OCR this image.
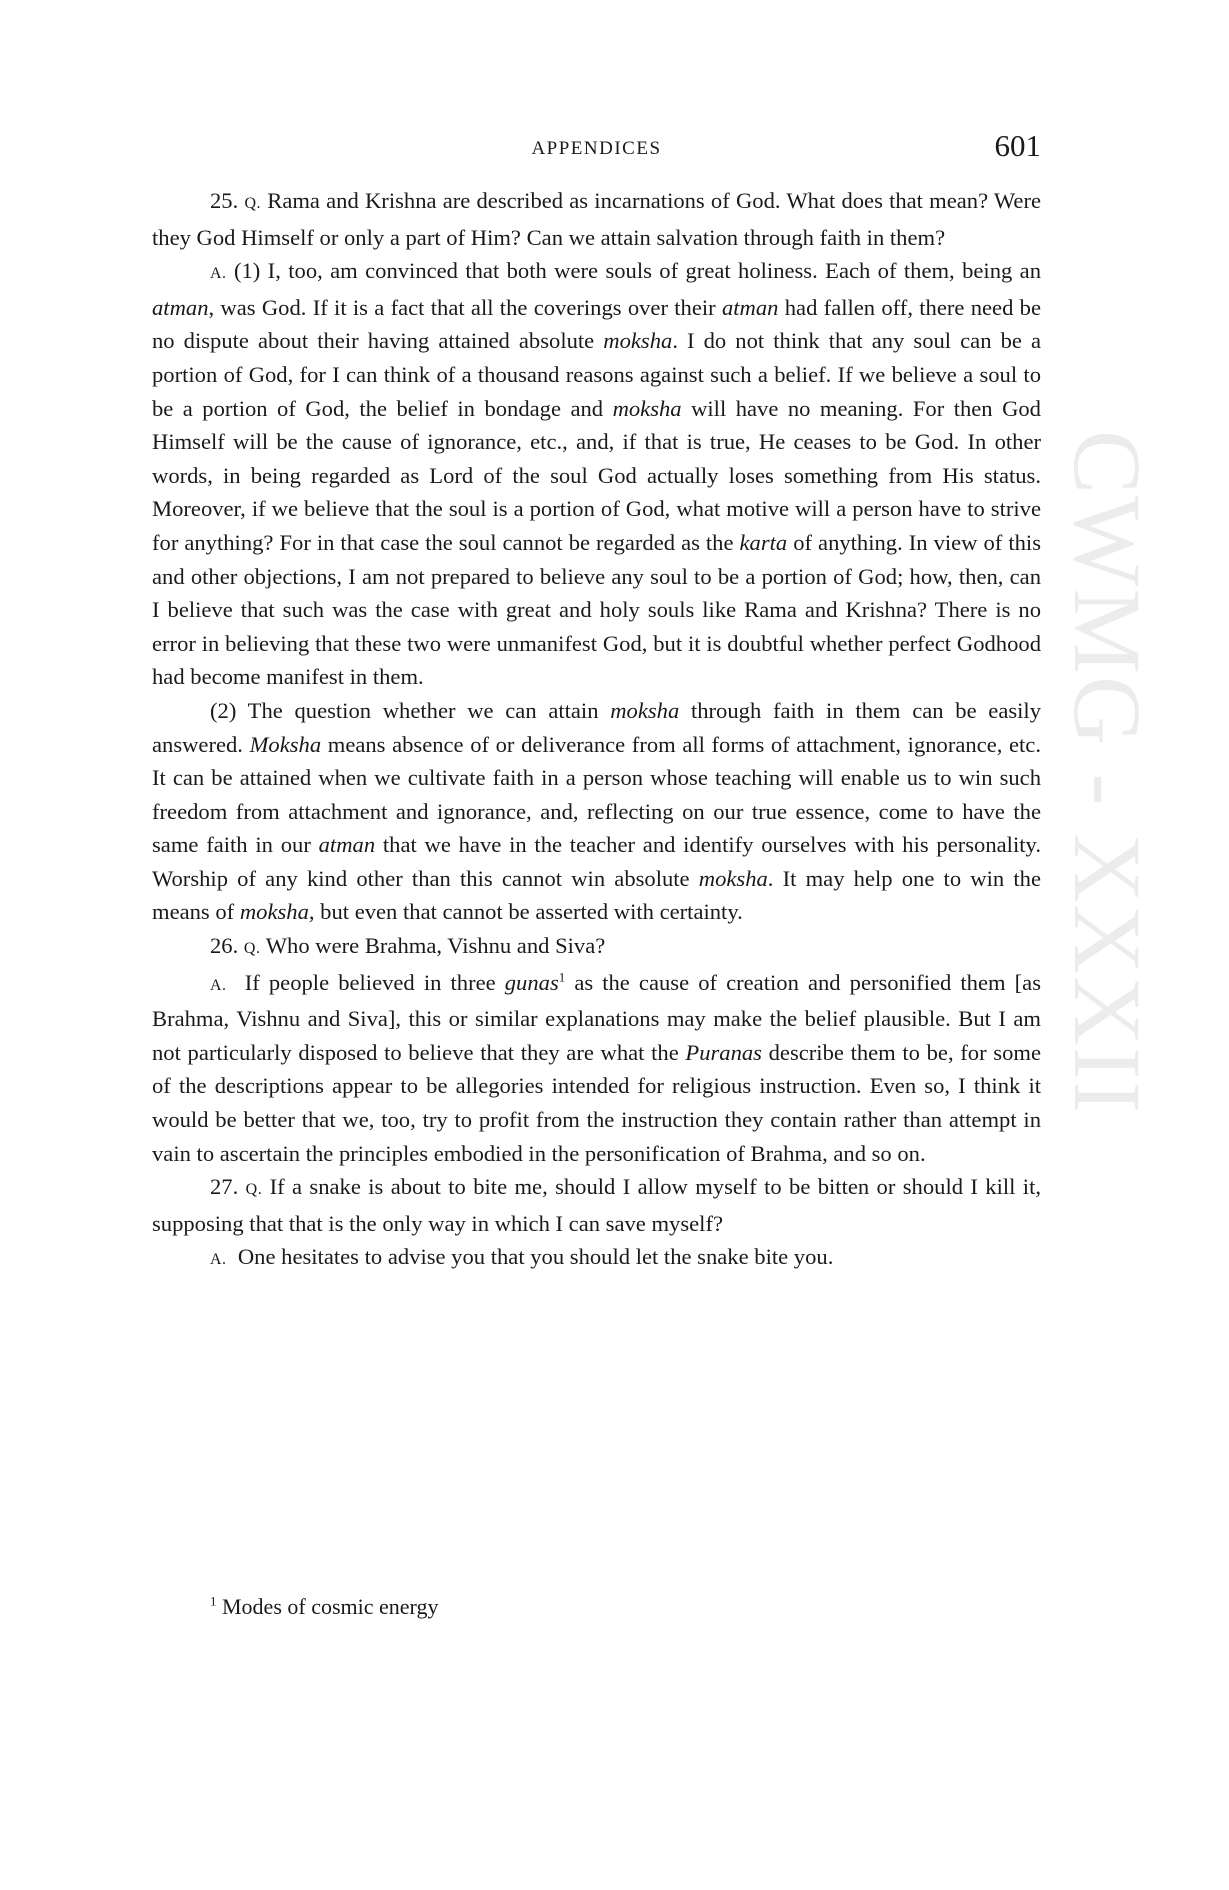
CWMG - XXXII
APPENDICES	601

25. Q. Rama and Krishna are described as incarnations of God. What does that mean? Were they God Himself or only a part of Him? Can we attain salvation through faith in them?

A. (1) I, too, am convinced that both were souls of great holiness. Each of them, being an atman, was God. If it is a fact that all the coverings over their atman had fallen off, there need be no dispute about their having attained absolute moksha. I do not think that any soul can be a portion of God, for I can think of a thousand reasons against such a belief. If we believe a soul to be a portion of God, the belief in bondage and moksha will have no meaning. For then God Himself will be the cause of ignorance, etc., and, if that is true, He ceases to be God. In other words, in being regarded as Lord of the soul God actually loses something from His status. Moreover, if we believe that the soul is a portion of God, what motive will a person have to strive for anything? For in that case the soul cannot be regarded as the karta of anything. In view of this and other objections, I am not prepared to believe any soul to be a portion of God; how, then, can I believe that such was the case with great and holy souls like Rama and Krishna? There is no error in believing that these two were unmanifest God, but it is doubtful whether perfect Godhood had become manifest in them.

(2) The question whether we can attain moksha through faith in them can be easily answered. Moksha means absence of or deliverance from all forms of attachment, ignorance, etc. It can be attained when we cultivate faith in a person whose teaching will enable us to win such freedom from attachment and ignorance, and, reflecting on our true essence, come to have the same faith in our atman that we have in the teacher and identify ourselves with his personality. Worship of any kind other than this cannot win absolute moksha. It may help one to win the means of moksha, but even that cannot be asserted with certainty.

26. Q. Who were Brahma, Vishnu and Siva?

A. If people believed in three gunas$^1$ as the cause of creation and personified them [as Brahma, Vishnu and Siva], this or similar explanations may make the belief plausible. But I am not particularly disposed to believe that they are what the Puranas describe them to be, for some of the descriptions appear to be allegories intended for religious instruction. Even so, I think it would be better that we, too, try to profit from the instruction they contain rather than attempt in vain to ascertain the principles embodied in the personification of Brahma, and so on.

27. Q. If a snake is about to bite me, should I allow myself to be bitten or should I kill it, supposing that that is the only way in which I can save myself?

A. One hesitates to advise you that you should let the snake bite you.

$^1$ Modes of cosmic energy
